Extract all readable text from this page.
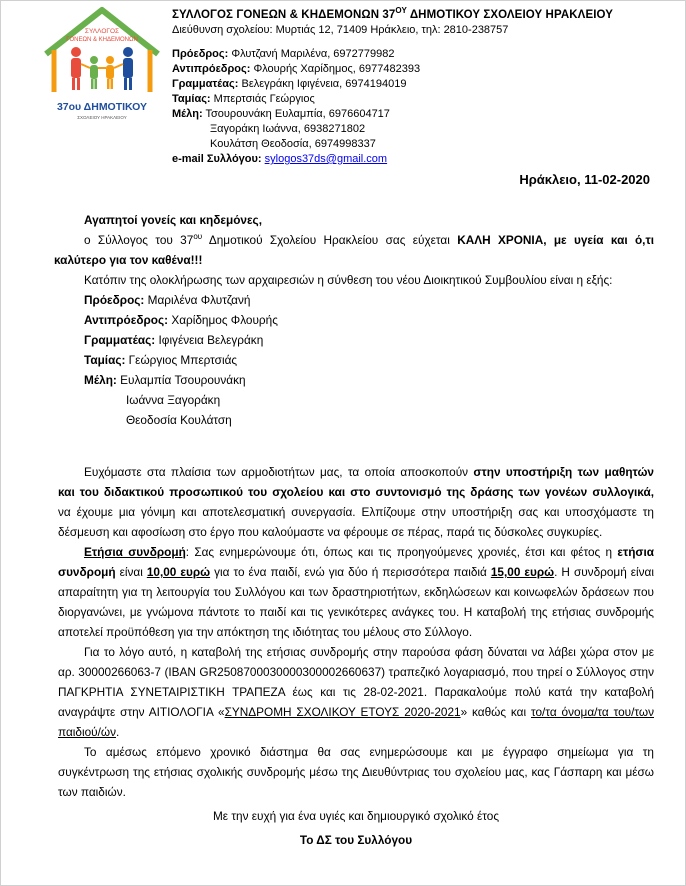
ΣΥΛΛΟΓΟΣ
ΓΟΝΕΩΝ & ΚΗΔΕΜΟΝΩΝ
37ου ΔΗΜΟΤΙΚΟΥ
ΣΧΟΛΕΙΟΥ ΗΡΑΚΛΕΙΟΥ
ΣΥΛΛΟΓΟΣ ΓΟΝΕΩΝ & ΚΗΔΕΜΟΝΩΝ $37^{O\Upsilon}$ ΔΗΜΟΤΙΚΟΥ ΣΧΟΛΕΙΟΥ ΗΡΑΚΛΕΙΟΥ
Διεύθυνση σχολείου: Μυρτιάς 12, 71409 Ηράκλειο, τηλ: 2810-238757
Πρόεδρος: Φλυτζανή Μαριλένα, 6972779982
Αντιπρόεδρος: Φλουρής Χαρίδημος, 6977482393
Γραμματέας: Βελεγράκη Ιφιγένεια, 6974194019
Ταμίας: Μπερτσιάς Γεώργιος
Μέλη: Τσουρουνάκη Ευλαμπία, 6976604717
Ξαγοράκη Ιωάννα, 6938271802
Κουλάτση Θεοδοσία, 6974998337
e-mail Συλλόγου: sylogos37ds@gmail.com
Ηράκλειο, 11-02-2020
Αγαπητοί γονείς και κηδεμόνες,
ο Σύλλογος του $37^{o\upsilon}$ Δημοτικού Σχολείου Ηρακλείου σας εύχεται ΚΑΛΗ ΧΡΟΝΙΑ, με υγεία και ό,τι
καλύτερο για τον καθένα!!!
Κατόπιν της ολοκλήρωσης των αρχαιρεσιών η σύνθεση του νέου Διοικητικού Συμβουλίου είναι η εξής:
Πρόεδρος: Μαριλένα Φλυτζανή
Αντιπρόεδρος: Χαρίδημος Φλουρής
Γραμματέας: Ιφιγένεια Βελεγράκη
Ταμίας: Γεώργιος Μπερτσιάς
Μέλη: Ευλαμπία Τσουρουνάκη
Ιωάννα Ξαγοράκη
Θεοδοσία Κουλάτση
Ευχόμαστε στα πλαίσια των αρμοδιοτήτων μας, τα οποία αποσκοπούν στην υποστήριξη των μαθητών
και του διδακτικού προσωπικού του σχολείου και στο συντονισμό της δράσης των γονέων συλλογικά,
να έχουμε μια γόνιμη και αποτελεσματική συνεργασία. Ελπίζουμε στην υποστήριξη σας και υποσχόμαστε τη
δέσμευση και αφοσίωση στο έργο που καλούμαστε να φέρουμε σε πέρας, παρά τις δύσκολες συγκυρίες.
Ετήσια συνδρομή: Σας ενημερώνουμε ότι, όπως και τις προηγούμενες χρονιές, έτσι και φέτος η ετήσια
συνδρομή είναι 10,00 ευρώ για το ένα παιδί, ενώ για δύο ή περισσότερα παιδιά 15,00 ευρώ. Η συνδρομή είναι
απαραίτητη για τη λειτουργία του Συλλόγου και των δραστηριοτήτων, εκδηλώσεων και κοινωφελών δράσεων που
διοργανώνει, με γνώμονα πάντοτε το παιδί και τις γενικότερες ανάγκες του. Η καταβολή της ετήσιας συνδρομής
αποτελεί προϋπόθεση για την απόκτηση της ιδιότητας του μέλους στο Σύλλογο.
Για το λόγο αυτό, η καταβολή της ετήσιας συνδρομής στην παρούσα φάση δύναται να λάβει χώρα στον με
αρ. 30000266063-7 (IBAN GR2508700030000300002660637) τραπεζικό λογαριασμό, που τηρεί ο Σύλλογος στην
ΠΑΓΚΡΗΤΙΑ ΣΥΝΕΤΑΙΡΙΣΤΙΚΗ ΤΡΑΠΕΖΑ έως και τις 28-02-2021. Παρακαλούμε πολύ κατά την καταβολή
αναγράψτε στην ΑΙΤΙΟΛΟΓΙΑ «ΣΥΝΔΡΟΜΗ ΣΧΟΛΙΚΟΥ ΕΤΟΥΣ 2020-2021» καθώς και το/τα όνομα/τα του/των
παιδιού/ών.
Το αμέσως επόμενο χρονικό διάστημα θα σας ενημερώσουμε και με έγγραφο σημείωμα για τη
συγκέντρωση της ετήσιας σχολικής συνδρομής μέσω της Διευθύντριας του σχολείου μας, κας Γάσπαρη και μέσω
των παιδιών.
Με την ευχή για ένα υγιές και δημιουργικό σχολικό έτος
Το ΔΣ του Συλλόγου
